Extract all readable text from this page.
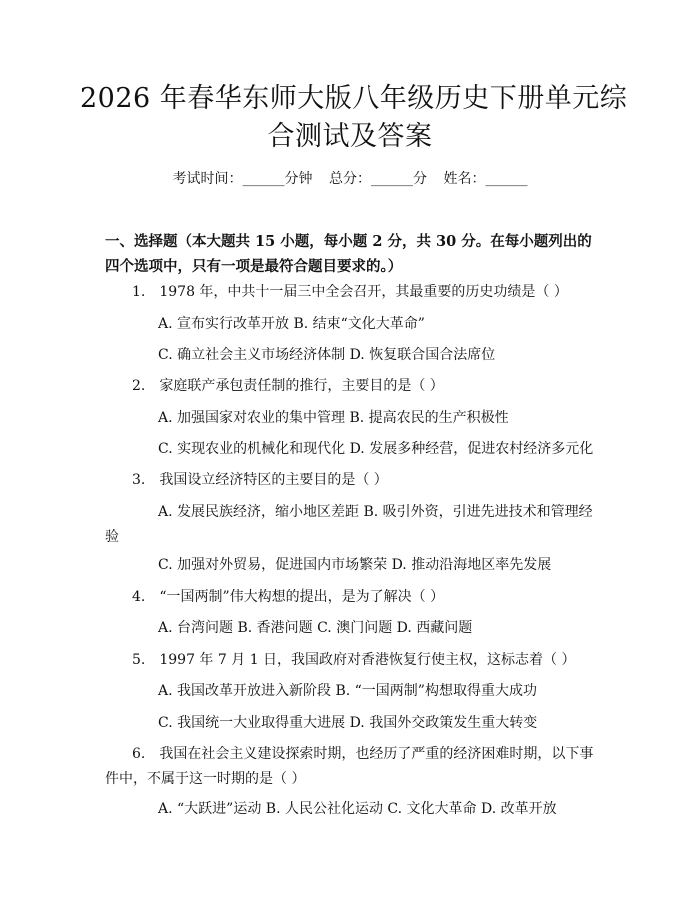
2026 年春华东师大版八年级历史下册单元综
合测试及答案
考试时间：______分钟 总分：______分 姓名：______
一、选择题（本大题共 15 小题，每小题 2 分，共 30 分。在每小题列出的四个选项中，只有一项是最符合题目要求的。）
1.　1978 年，中共十一届三中全会召开，其最重要的历史功绩是（ ）
A. 宣布实行改革开放 B. 结束“文化大革命”
C. 确立社会主义市场经济体制 D. 恢复联合国合法席位
2.　家庭联产承包责任制的推行，主要目的是（ ）
A. 加强国家对农业的集中管理 B. 提高农民的生产积极性
C. 实现农业的机械化和现代化 D. 发展多种经营，促进农村经济多元化
3.　我国设立经济特区的主要目的是（ ）
A. 发展民族经济，缩小地区差距 B. 吸引外资，引进先进技术和管理经验
C. 加强对外贸易，促进国内市场繁荣 D. 推动沿海地区率先发展
4.　“一国两制”伟大构想的提出，是为了解决（ ）
A. 台湾问题 B. 香港问题 C. 澳门问题 D. 西藏问题
5.　1997 年 7 月 1 日，我国政府对香港恢复行使主权，这标志着（ ）
A. 我国改革开放进入新阶段 B. “一国两制”构想取得重大成功
C. 我国统一大业取得重大进展 D. 我国外交政策发生重大转变
6.　我国在社会主义建设探索时期，也经历了严重的经济困难时期，以下事件中，不属于这一时期的是（ ）
A. “大跃进”运动 B. 人民公社化运动 C. 文化大革命 D. 改革开放
